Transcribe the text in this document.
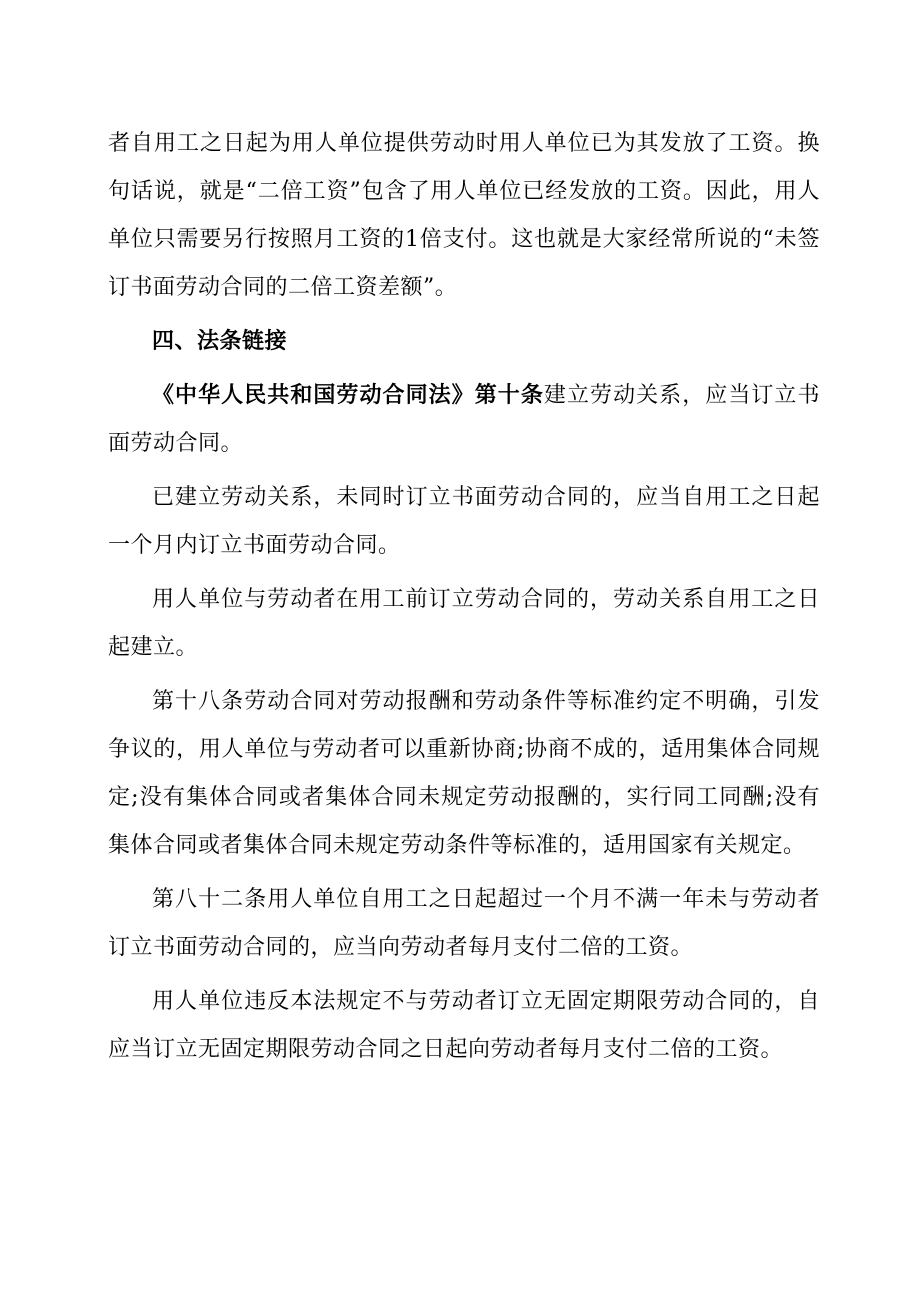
者自用工之日起为用人单位提供劳动时用人单位已为其发放了工资。换句话说，就是“二倍工资”包含了用人单位已经发放的工资。因此，用人单位只需要另行按照月工资的1倍支付。这也就是大家经常所说的“未签订书面劳动合同的二倍工资差额”。

四、法条链接

《中华人民共和国劳动合同法》第十条建立劳动关系，应当订立书面劳动合同。

已建立劳动关系，未同时订立书面劳动合同的，应当自用工之日起一个月内订立书面劳动合同。

用人单位与劳动者在用工前订立劳动合同的，劳动关系自用工之日起建立。

第十八条劳动合同对劳动报酬和劳动条件等标准约定不明确，引发争议的，用人单位与劳动者可以重新协商;协商不成的，适用集体合同规定;没有集体合同或者集体合同未规定劳动报酬的，实行同工同酬;没有集体合同或者集体合同未规定劳动条件等标准的，适用国家有关规定。

第八十二条用人单位自用工之日起超过一个月不满一年未与劳动者订立书面劳动合同的，应当向劳动者每月支付二倍的工资。

用人单位违反本法规定不与劳动者订立无固定期限劳动合同的，自应当订立无固定期限劳动合同之日起向劳动者每月支付二倍的工资。
